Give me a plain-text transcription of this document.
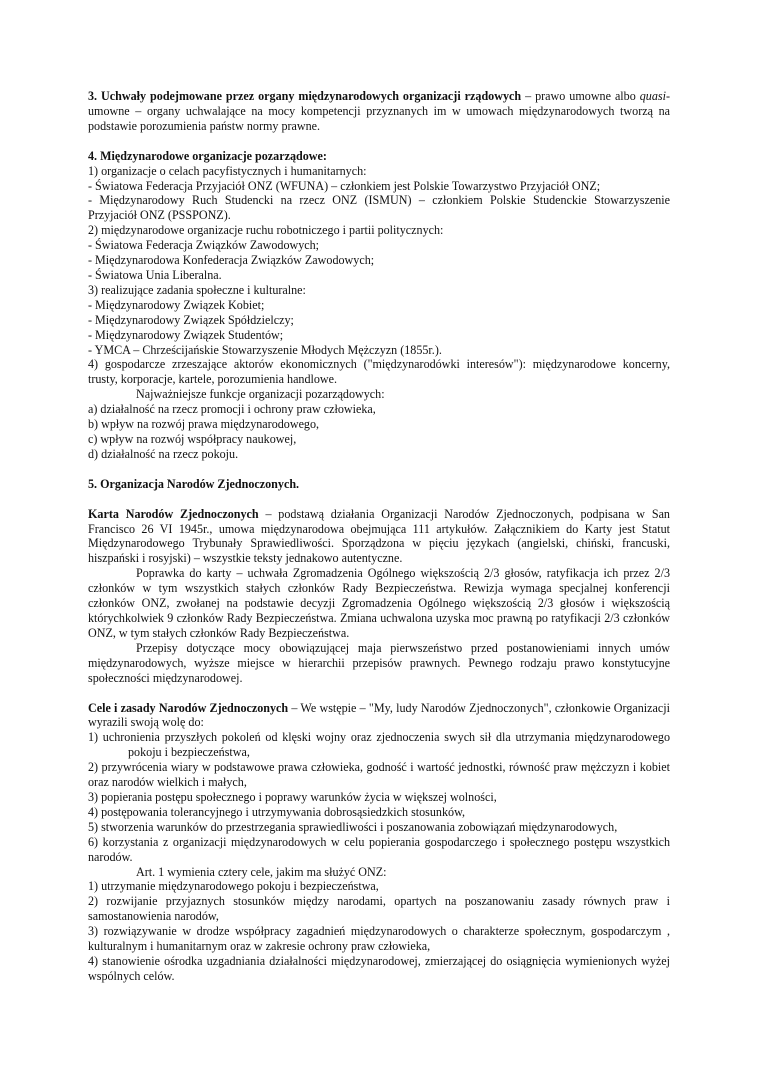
3. Uchwały podejmowane przez organy międzynarodowych organizacji rządowych – prawo umowne albo quasi-umowne – organy uchwalające na mocy kompetencji przyznanych im w umowach międzynarodowych tworzą na podstawie porozumienia państw normy prawne.

4. Międzynarodowe organizacje pozarządowe:

1) organizacje o celach pacyfistycznych i humanitarnych:

- Światowa Federacja Przyjaciół ONZ (WFUNA) – członkiem jest Polskie Towarzystwo Przyjaciół ONZ;

- Międzynarodowy Ruch Studencki na rzecz ONZ (ISMUN) – członkiem Polskie Studenckie Stowarzyszenie Przyjaciół ONZ (PSSPONZ).

2) międzynarodowe organizacje ruchu robotniczego i partii politycznych:

- Światowa Federacja Związków Zawodowych;

- Międzynarodowa Konfederacja Związków Zawodowych;

- Światowa Unia Liberalna.

3) realizujące zadania społeczne i kulturalne:

- Międzynarodowy Związek Kobiet;

- Międzynarodowy Związek Spółdzielczy;

- Międzynarodowy Związek Studentów;

- YMCA – Chrześcijańskie Stowarzyszenie Młodych Mężczyzn (1855r.).

4) gospodarcze zrzeszające aktorów ekonomicznych ("międzynarodówki interesów"): międzynarodowe koncerny, trusty, korporacje, kartele, porozumienia handlowe.

Najważniejsze funkcje organizacji pozarządowych:

a) działalność na rzecz promocji i ochrony praw człowieka,

b) wpływ na rozwój prawa międzynarodowego,

c) wpływ na rozwój współpracy naukowej,

d) działalność na rzecz pokoju.

5. Organizacja Narodów Zjednoczonych.

Karta Narodów Zjednoczonych – podstawą działania Organizacji Narodów Zjednoczonych, podpisana w San Francisco 26 VI 1945r., umowa międzynarodowa obejmująca 111 artykułów. Załącznikiem do Karty jest Statut Międzynarodowego Trybunały Sprawiedliwości. Sporządzona w pięciu językach (angielski, chiński, francuski, hiszpański i rosyjski) – wszystkie teksty jednakowo autentyczne.

Poprawka do karty – uchwała Zgromadzenia Ogólnego większością 2/3 głosów, ratyfikacja ich przez 2/3 członków w tym wszystkich stałych członków Rady Bezpieczeństwa. Rewizja wymaga specjalnej konferencji członków ONZ, zwołanej na podstawie decyzji Zgromadzenia Ogólnego większością 2/3 głosów i większością którychkolwiek 9 członków Rady Bezpieczeństwa. Zmiana uchwalona uzyska moc prawną po ratyfikacji 2/3 członków ONZ, w tym stałych członków Rady Bezpieczeństwa.

Przepisy dotyczące mocy obowiązującej maja pierwszeństwo przed postanowieniami innych umów międzynarodowych, wyższe miejsce w hierarchii przepisów prawnych. Pewnego rodzaju prawo konstytucyjne społeczności międzynarodowej.

Cele i zasady Narodów Zjednoczonych – We wstępie – "My, ludy Narodów Zjednoczonych", członkowie Organizacji wyrazili swoją wolę do:

1) uchronienia przyszłych pokoleń od klęski wojny oraz zjednoczenia swych sił dla utrzymania międzynarodowego pokoju i bezpieczeństwa,

2) przywrócenia wiary w podstawowe prawa człowieka, godność i wartość jednostki, równość praw mężczyzn i kobiet oraz narodów wielkich i małych,

3) popierania postępu społecznego i poprawy warunków życia w większej wolności,

4) postępowania tolerancyjnego i utrzymywania dobrosąsiedzkich stosunków,

5) stworzenia warunków do przestrzegania sprawiedliwości i poszanowania zobowiązań międzynarodowych,

6) korzystania z organizacji międzynarodowych w celu popierania gospodarczego i społecznego postępu wszystkich narodów.

Art. 1 wymienia cztery cele, jakim ma służyć ONZ:

1) utrzymanie międzynarodowego pokoju i bezpieczeństwa,

2) rozwijanie przyjaznych stosunków między narodami, opartych na poszanowaniu zasady równych praw i samostanowienia narodów,

3) rozwiązywanie w drodze współpracy zagadnień międzynarodowych o charakterze społecznym, gospodarczym , kulturalnym i humanitarnym oraz w zakresie ochrony praw człowieka,

4) stanowienie ośrodka uzgadniania działalności międzynarodowej, zmierzającej do osiągnięcia wymienionych wyżej wspólnych celów.
